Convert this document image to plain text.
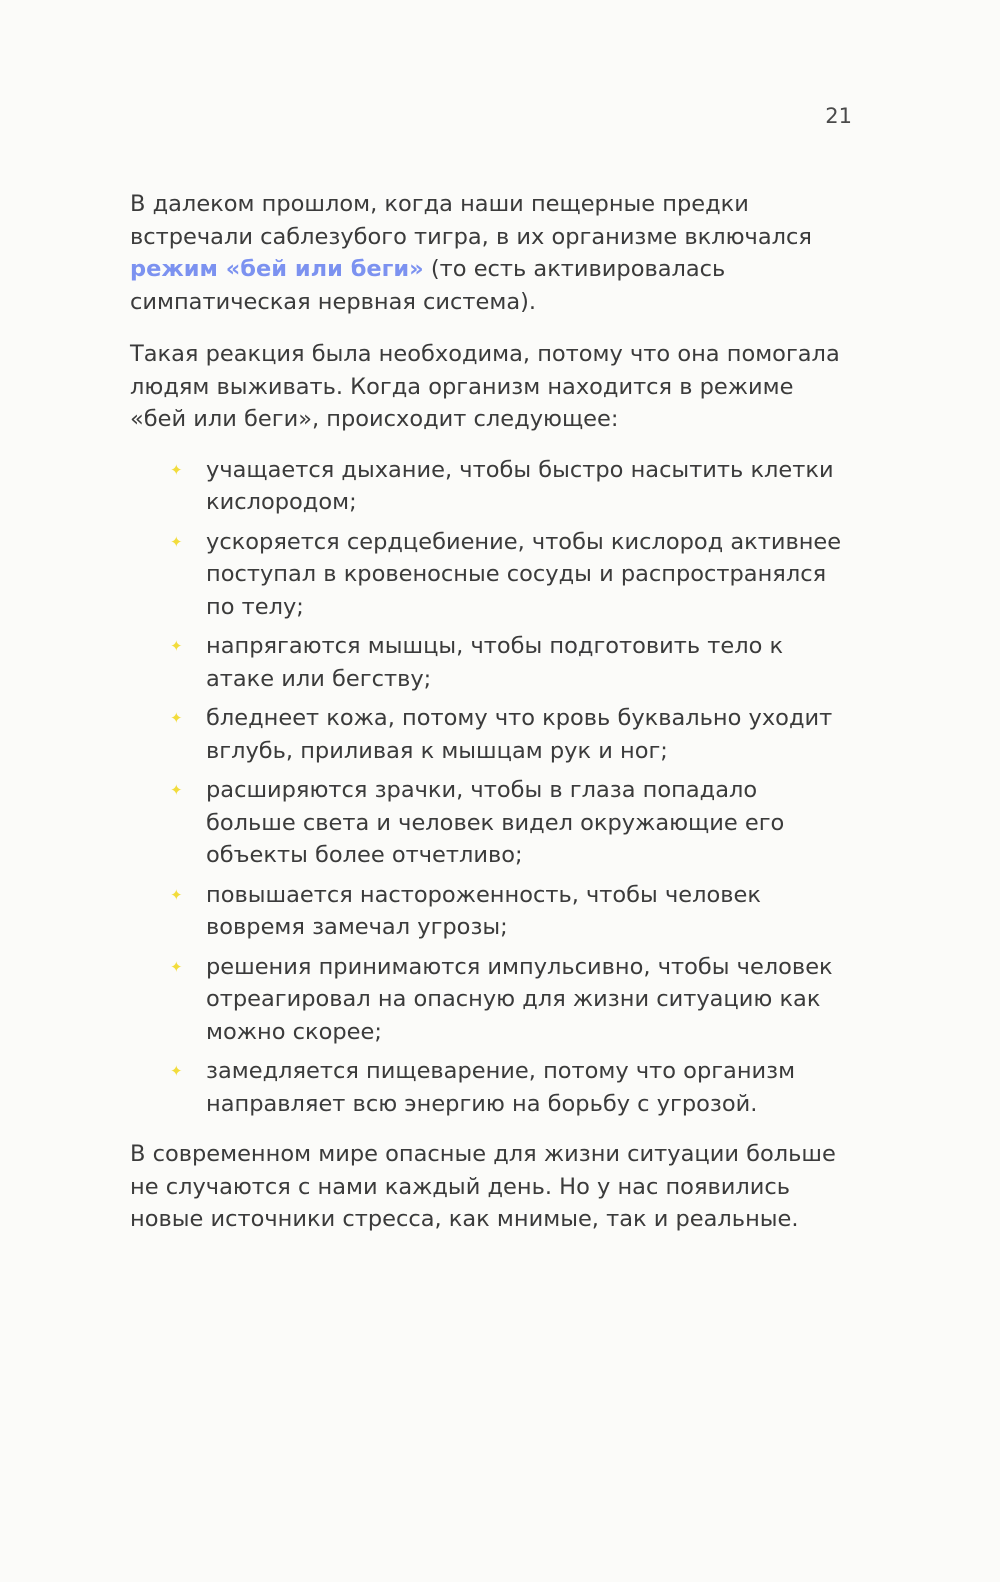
21

В далеком прошлом, когда наши пещерные предки встречали саблезубого тигра, в их организме включался режим «бей или беги» (то есть активировалась симпатическая нервная система).

Такая реакция была необходима, потому что она помогала людям выживать. Когда организм находится в режиме «бей или беги», происходит следующее:

✦ учащается дыхание, чтобы быстро насытить клетки кислородом;
✦ ускоряется сердцебиение, чтобы кислород активнее поступал в кровеносные сосуды и распространялся по телу;
✦ напрягаются мышцы, чтобы подготовить тело к атаке или бегству;
✦ бледнеет кожа, потому что кровь буквально уходит вглубь, приливая к мышцам рук и ног;
✦ расширяются зрачки, чтобы в глаза попадало больше света и человек видел окружающие его объекты более отчетливо;
✦ повышается настороженность, чтобы человек вовремя замечал угрозы;
✦ решения принимаются импульсивно, чтобы человек отреагировал на опасную для жизни ситуацию как можно скорее;
✦ замедляется пищеварение, потому что организм направляет всю энергию на борьбу с угрозой.

В современном мире опасные для жизни ситуации больше не случаются с нами каждый день. Но у нас появились новые источники стресса, как мнимые, так и реальные.
